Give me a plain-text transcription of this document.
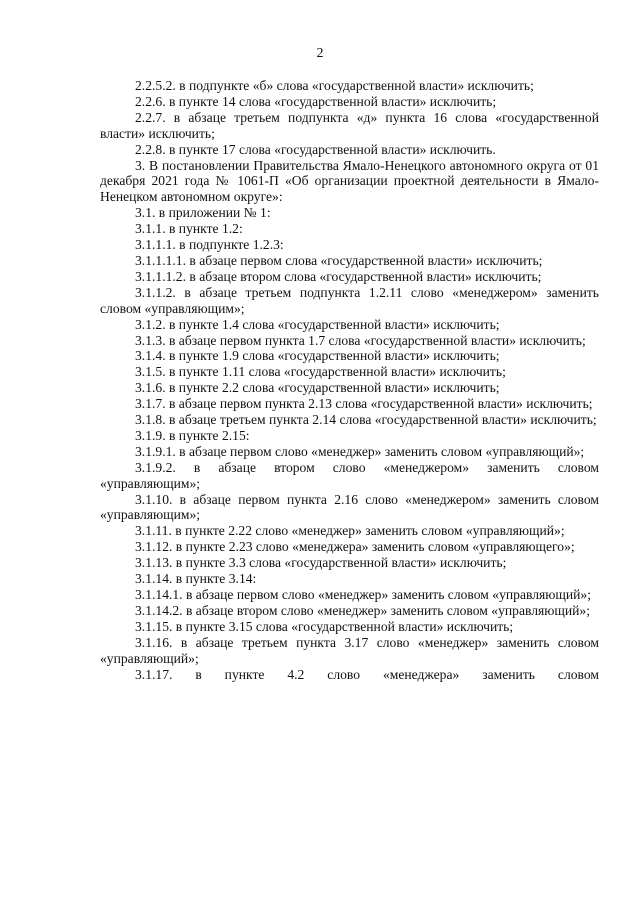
2

2.2.5.2. в подпункте «б» слова «государственной власти» исключить;

2.2.6. в пункте 14 слова «государственной власти» исключить;

2.2.7. в абзаце третьем подпункта «д» пункта 16 слова «государственной власти» исключить;

2.2.8. в пункте 17 слова «государственной власти» исключить.

3. В постановлении Правительства Ямало-Ненецкого автономного округа от 01 декабря 2021 года № 1061-П «Об организации проектной деятельности в Ямало-Ненецком автономном округе»:

3.1. в приложении № 1:

3.1.1. в пункте 1.2:

3.1.1.1. в подпункте 1.2.3:

3.1.1.1.1. в абзаце первом слова «государственной власти» исключить;

3.1.1.1.2. в абзаце втором слова «государственной власти» исключить;

3.1.1.2. в абзаце третьем подпункта 1.2.11 слово «менеджером» заменить словом «управляющим»;

3.1.2. в пункте 1.4 слова «государственной власти» исключить;

3.1.3. в абзаце первом пункта 1.7 слова «государственной власти» исключить;

3.1.4. в пункте 1.9 слова «государственной власти» исключить;

3.1.5. в пункте 1.11 слова «государственной власти» исключить;

3.1.6. в пункте 2.2 слова «государственной власти» исключить;

3.1.7. в абзаце первом пункта 2.13 слова «государственной власти» исключить;

3.1.8. в абзаце третьем пункта 2.14 слова «государственной власти» исключить;

3.1.9. в пункте 2.15:

3.1.9.1. в абзаце первом слово «менеджер» заменить словом «управляющий»;

3.1.9.2. в абзаце втором слово «менеджером» заменить словом «управляющим»;

3.1.10. в абзаце первом пункта 2.16 слово «менеджером» заменить словом «управляющим»;

3.1.11. в пункте 2.22 слово «менеджер» заменить словом «управляющий»;

3.1.12. в пункте 2.23 слово «менеджера» заменить словом «управляющего»;

3.1.13. в пункте 3.3 слова «государственной власти» исключить;

3.1.14. в пункте 3.14:

3.1.14.1. в абзаце первом слово «менеджер» заменить словом «управляющий»;

3.1.14.2. в абзаце втором слово «менеджер» заменить словом «управляющий»;

3.1.15. в пункте 3.15 слова «государственной власти» исключить;

3.1.16. в абзаце третьем пункта 3.17 слово «менеджер» заменить словом «управляющий»;

3.1.17. в пункте 4.2 слово «менеджера» заменить словом
